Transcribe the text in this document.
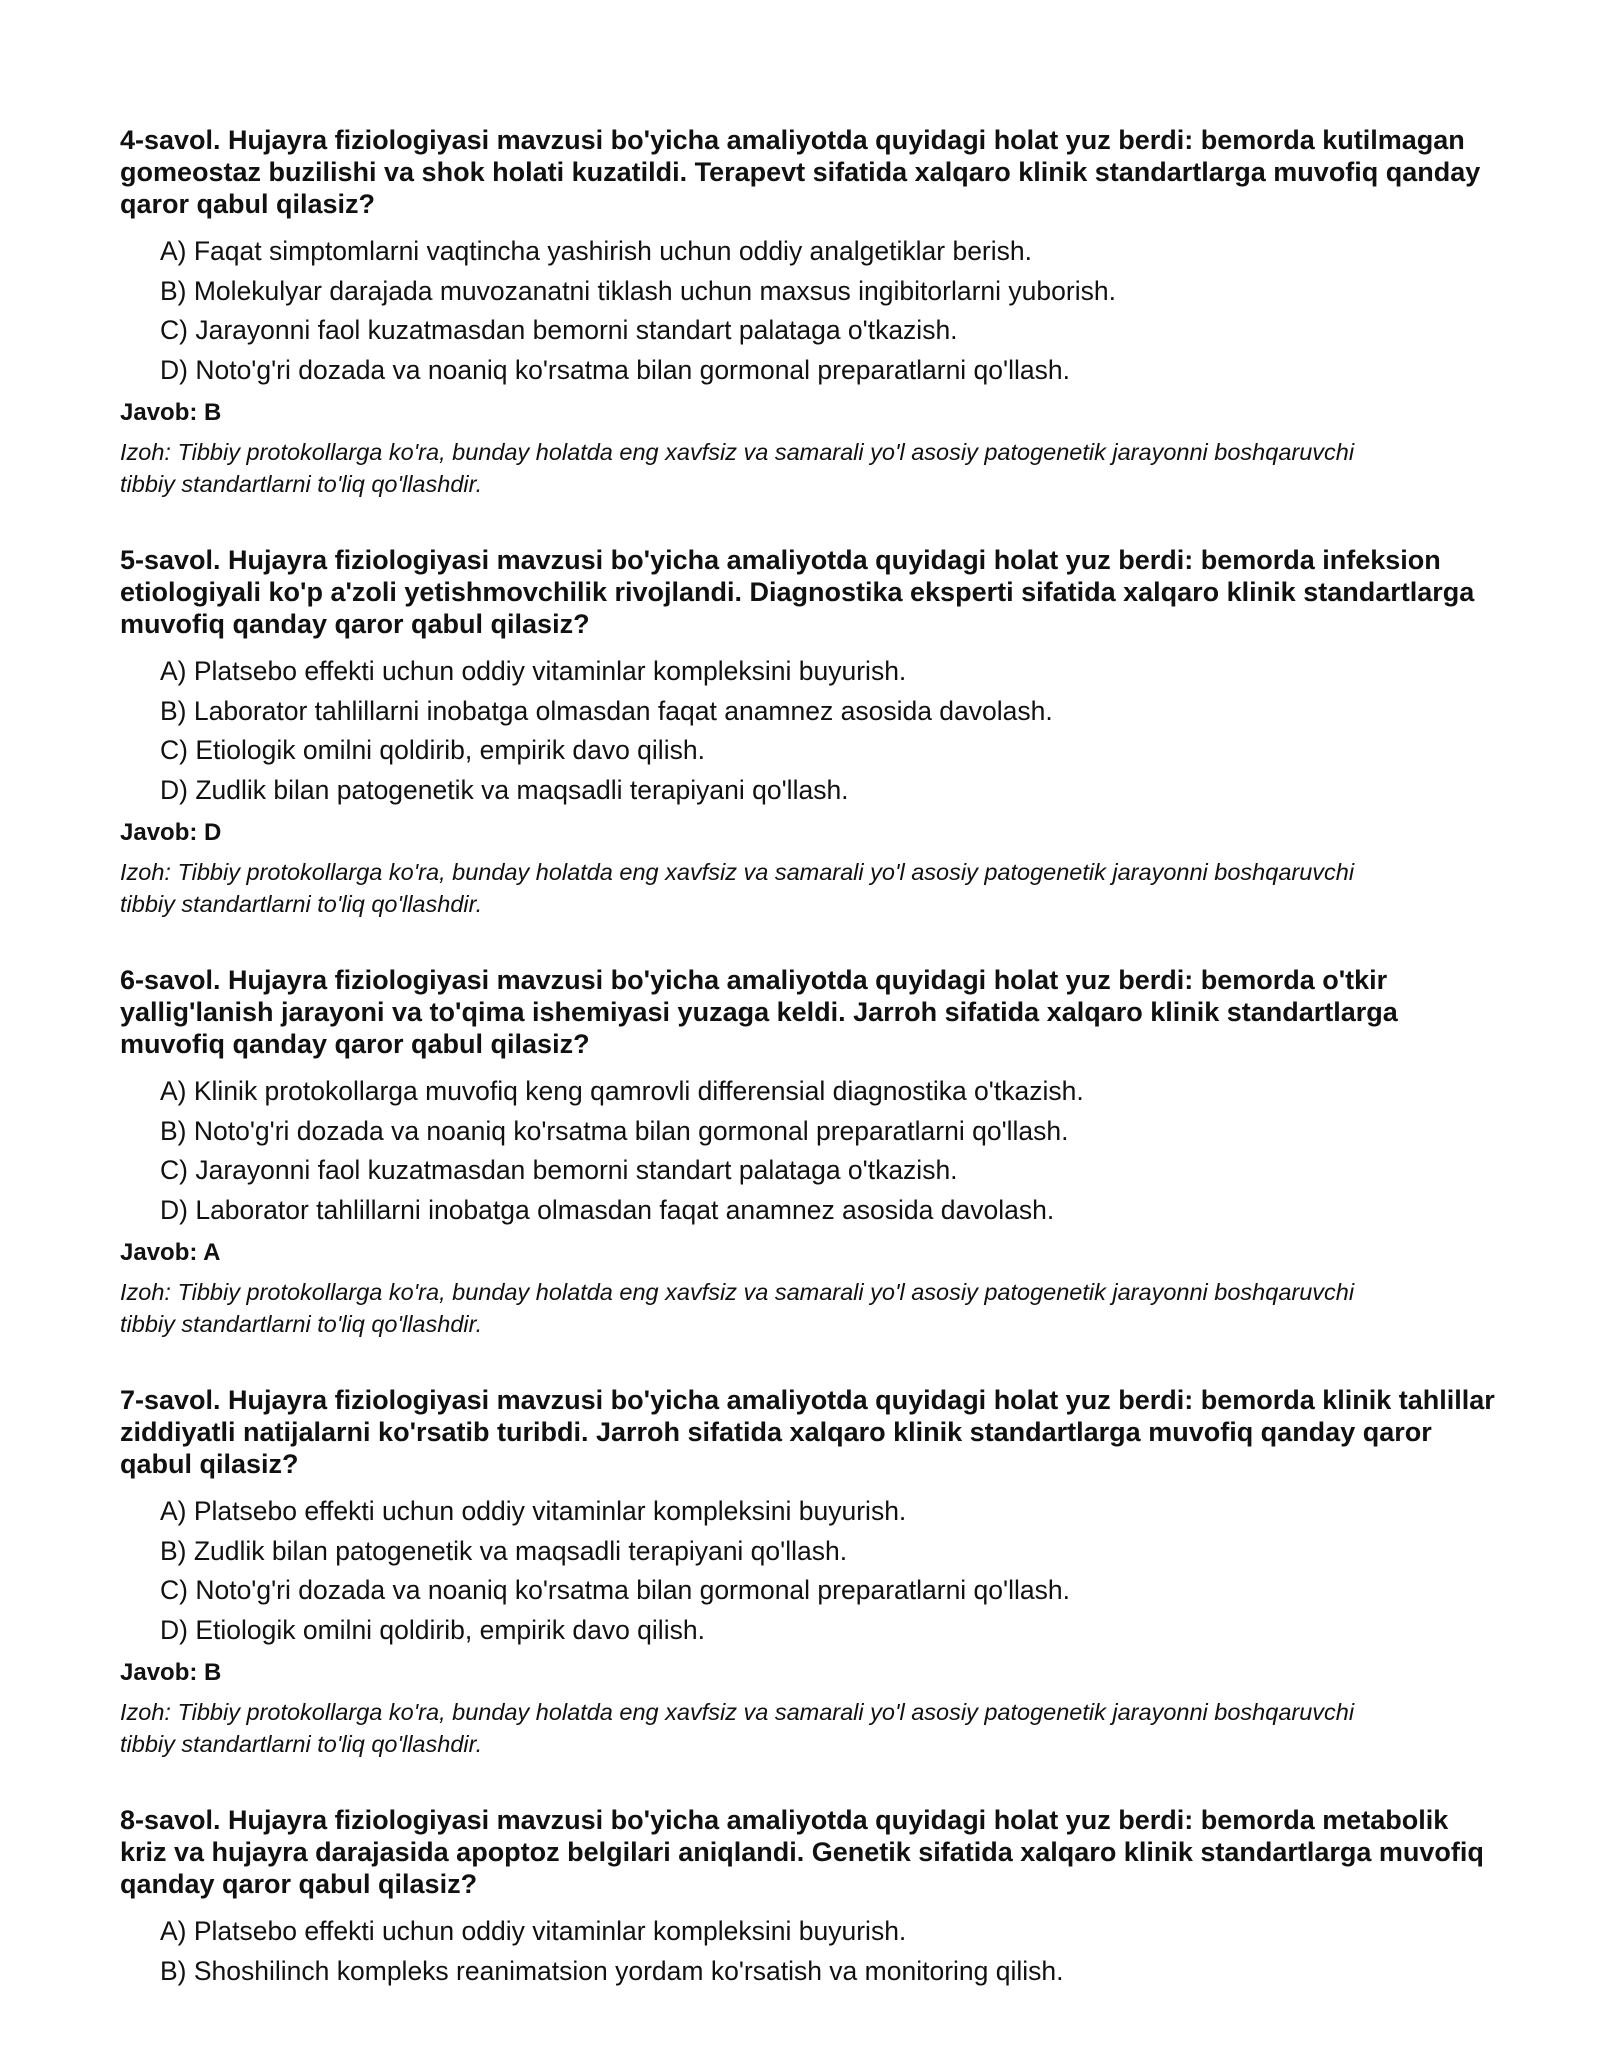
4-savol. Hujayra fiziologiyasi mavzusi bo'yicha amaliyotda quyidagi holat yuz berdi: bemorda kutilmagan gomeostaz buzilishi va shok holati kuzatildi. Terapevt sifatida xalqaro klinik standartlarga muvofiq qanday qaror qabul qilasiz?

A) Faqat simptomlarni vaqtincha yashirish uchun oddiy analgetiklar berish.
B) Molekulyar darajada muvozanatni tiklash uchun maxsus ingibitorlarni yuborish.
C) Jarayonni faol kuzatmasdan bemorni standart palataga o'tkazish.
D) Noto'g'ri dozada va noaniq ko'rsatma bilan gormonal preparatlarni qo'llash.

Javob: B

Izoh: Tibbiy protokollarga ko'ra, bunday holatda eng xavfsiz va samarali yo'l asosiy patogenetik jarayonni boshqaruvchi tibbiy standartlarni to'liq qo'llashdir.

5-savol. Hujayra fiziologiyasi mavzusi bo'yicha amaliyotda quyidagi holat yuz berdi: bemorda infeksion etiologiyali ko'p a'zoli yetishmovchilik rivojlandi. Diagnostika eksperti sifatida xalqaro klinik standartlarga muvofiq qanday qaror qabul qilasiz?

A) Platsebo effekti uchun oddiy vitaminlar kompleksini buyurish.
B) Laborator tahlillarni inobatga olmasdan faqat anamnez asosida davolash.
C) Etiologik omilni qoldirib, empirik davo qilish.
D) Zudlik bilan patogenetik va maqsadli terapiyani qo'llash.

Javob: D

Izoh: Tibbiy protokollarga ko'ra, bunday holatda eng xavfsiz va samarali yo'l asosiy patogenetik jarayonni boshqaruvchi tibbiy standartlarni to'liq qo'llashdir.

6-savol. Hujayra fiziologiyasi mavzusi bo'yicha amaliyotda quyidagi holat yuz berdi: bemorda o'tkir yallig'lanish jarayoni va to'qima ishemiyasi yuzaga keldi. Jarroh sifatida xalqaro klinik standartlarga muvofiq qanday qaror qabul qilasiz?

A) Klinik protokollarga muvofiq keng qamrovli differensial diagnostika o'tkazish.
B) Noto'g'ri dozada va noaniq ko'rsatma bilan gormonal preparatlarni qo'llash.
C) Jarayonni faol kuzatmasdan bemorni standart palataga o'tkazish.
D) Laborator tahlillarni inobatga olmasdan faqat anamnez asosida davolash.

Javob: A

Izoh: Tibbiy protokollarga ko'ra, bunday holatda eng xavfsiz va samarali yo'l asosiy patogenetik jarayonni boshqaruvchi tibbiy standartlarni to'liq qo'llashdir.

7-savol. Hujayra fiziologiyasi mavzusi bo'yicha amaliyotda quyidagi holat yuz berdi: bemorda klinik tahlillar ziddiyatli natijalarni ko'rsatib turibdi. Jarroh sifatida xalqaro klinik standartlarga muvofiq qanday qaror qabul qilasiz?

A) Platsebo effekti uchun oddiy vitaminlar kompleksini buyurish.
B) Zudlik bilan patogenetik va maqsadli terapiyani qo'llash.
C) Noto'g'ri dozada va noaniq ko'rsatma bilan gormonal preparatlarni qo'llash.
D) Etiologik omilni qoldirib, empirik davo qilish.

Javob: B

Izoh: Tibbiy protokollarga ko'ra, bunday holatda eng xavfsiz va samarali yo'l asosiy patogenetik jarayonni boshqaruvchi tibbiy standartlarni to'liq qo'llashdir.

8-savol. Hujayra fiziologiyasi mavzusi bo'yicha amaliyotda quyidagi holat yuz berdi: bemorda metabolik kriz va hujayra darajasida apoptoz belgilari aniqlandi. Genetik sifatida xalqaro klinik standartlarga muvofiq qanday qaror qabul qilasiz?

A) Platsebo effekti uchun oddiy vitaminlar kompleksini buyurish.
B) Shoshilinch kompleks reanimatsion yordam ko'rsatish va monitoring qilish.
